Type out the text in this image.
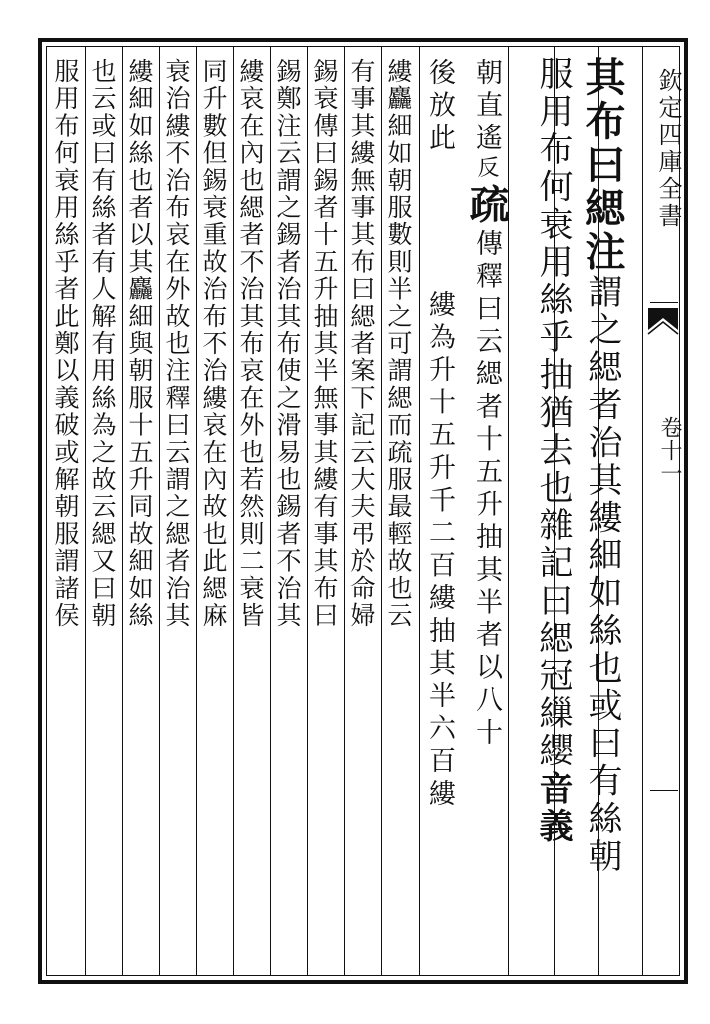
欽定四庫全書
卷十一
其布曰緦注謂之緦者治其縷細如絲也或曰有絲朝
服用布何衰用絲乎抽猶去也雜記曰緦冠繅纓音義
朝直遙反疏傳釋曰云緦者十五升抽其半者以八十
縷為升十五升千二百縷抽其半六百縷
後放此
縷麤細如朝服數則半之可謂緦而疏服最輕故也云
有事其縷無事其布曰緦者案下記云大夫弔於命婦
錫衰傳曰錫者十五升抽其半無事其縷有事其布曰
錫鄭注云謂之錫者治其布使之滑易也錫者不治其
縷哀在內也緦者不治其布哀在外也若然則二衰皆
同升數但錫衰重故治布不治縷哀在內故也此緦麻
衰治縷不治布哀在外故也注釋曰云謂之緦者治其
縷細如絲也者以其麤細與朝服十五升同故細如絲
也云或曰有絲者有人解有用絲為之故云緦又曰朝
服用布何衰用絲乎者此鄭以義破或解朝服謂諸侯
